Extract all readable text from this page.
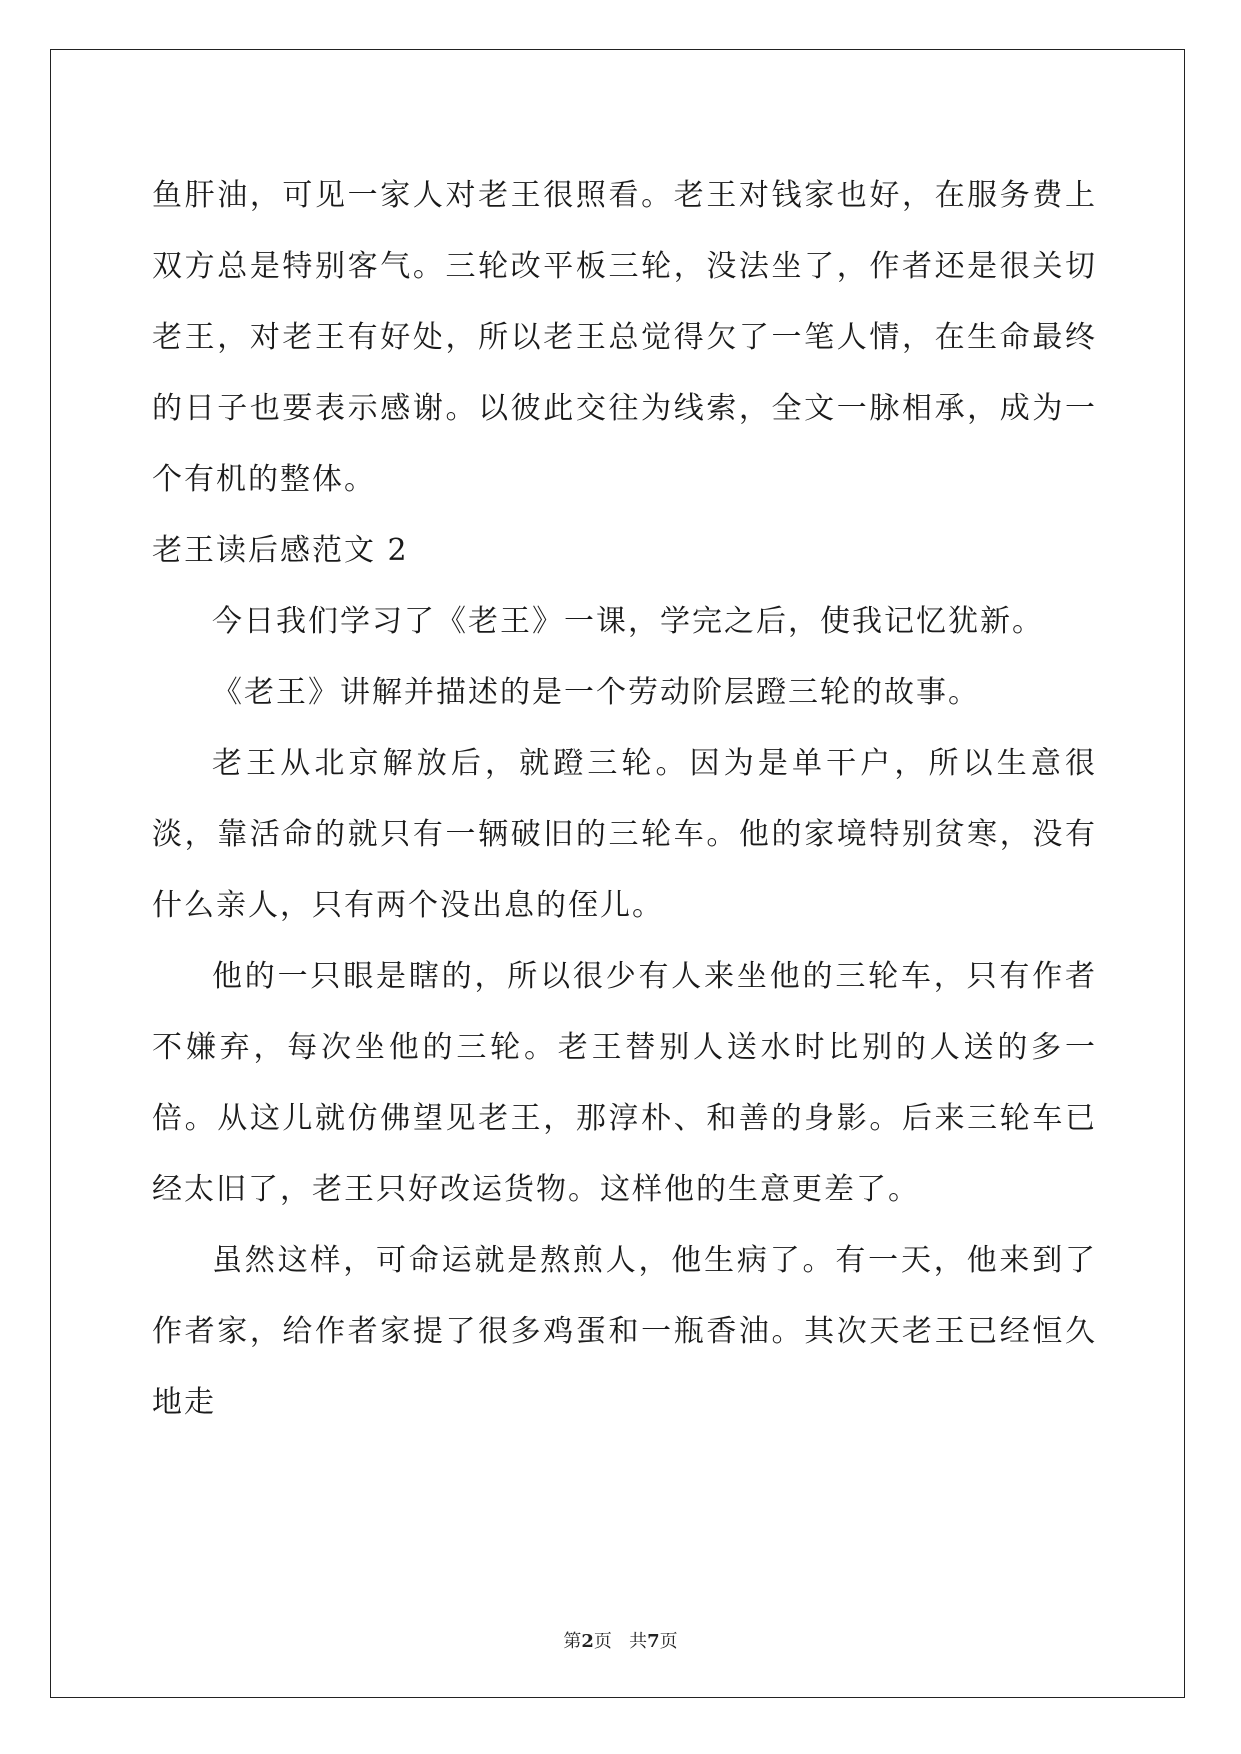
鱼肝油，可见一家人对老王很照看。老王对钱家也好，在服务费上双方总是特别客气。三轮改平板三轮，没法坐了，作者还是很关切老王，对老王有好处，所以老王总觉得欠了一笔人情，在生命最终的日子也要表示感谢。以彼此交往为线索，全文一脉相承，成为一个有机的整体。

老王读后感范文 2

今日我们学习了《老王》一课，学完之后，使我记忆犹新。

《老王》讲解并描述的是一个劳动阶层蹬三轮的故事。

老王从北京解放后，就蹬三轮。因为是单干户，所以生意很淡，靠活命的就只有一辆破旧的三轮车。他的家境特别贫寒，没有什么亲人，只有两个没出息的侄儿。

他的一只眼是瞎的，所以很少有人来坐他的三轮车，只有作者不嫌弃，每次坐他的三轮。老王替别人送水时比别的人送的多一倍。从这儿就仿佛望见老王，那淳朴、和善的身影。后来三轮车已经太旧了，老王只好改运货物。这样他的生意更差了。

虽然这样，可命运就是熬煎人，他生病了。有一天，他来到了作者家，给作者家提了很多鸡蛋和一瓶香油。其次天老王已经恒久地走

第2页 共7页
